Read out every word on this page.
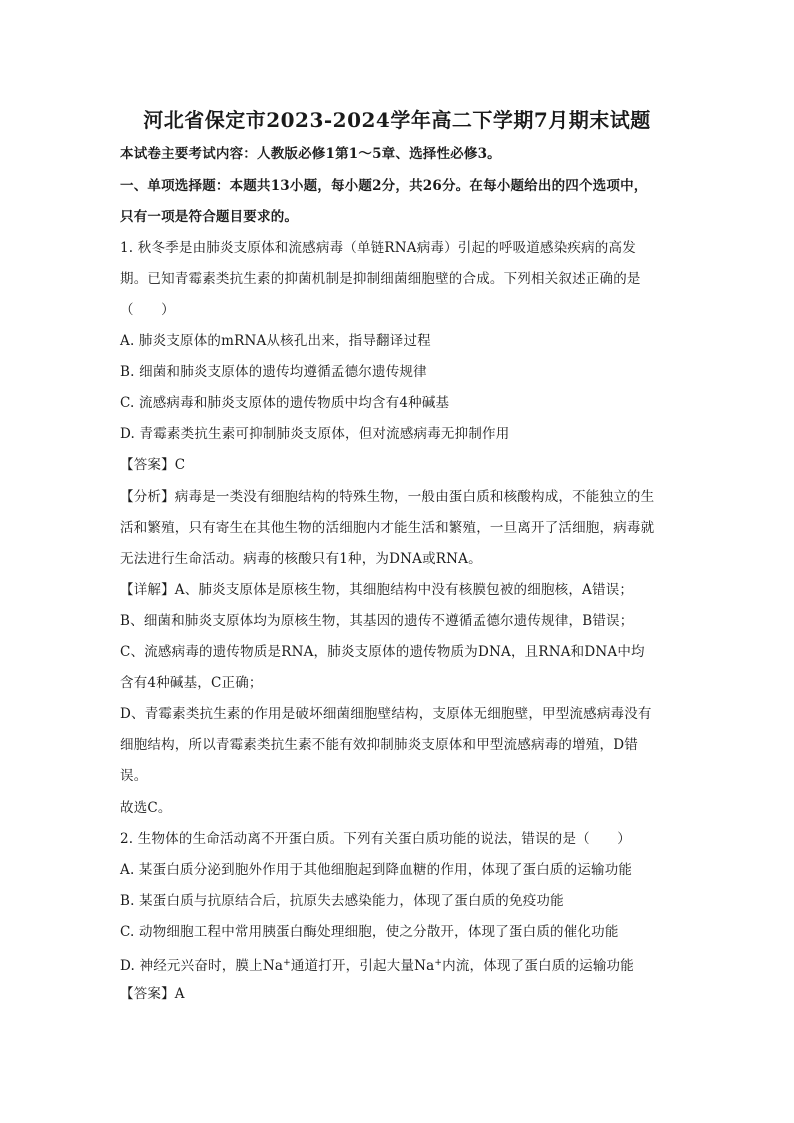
河北省保定市2023-2024学年高二下学期7月期末试题
本试卷主要考试内容：人教版必修1第1～5章、选择性必修3。
一、单项选择题：本题共13小题，每小题2分，共26分。在每小题给出的四个选项中，
只有一项是符合题目要求的。
1. 秋冬季是由肺炎支原体和流感病毒（单链RNA病毒）引起的呼吸道感染疾病的高发
期。已知青霉素类抗生素的抑菌机制是抑制细菌细胞壁的合成。下列相关叙述正确的是
（　　）
A. 肺炎支原体的mRNA从核孔出来，指导翻译过程
B. 细菌和肺炎支原体的遗传均遵循孟德尔遗传规律
C. 流感病毒和肺炎支原体的遗传物质中均含有4种碱基
D. 青霉素类抗生素可抑制肺炎支原体，但对流感病毒无抑制作用
【答案】C
【分析】病毒是一类没有细胞结构的特殊生物，一般由蛋白质和核酸构成，不能独立的生
活和繁殖，只有寄生在其他生物的活细胞内才能生活和繁殖，一旦离开了活细胞，病毒就
无法进行生命活动。病毒的核酸只有1种，为DNA或RNA。
【详解】A、肺炎支原体是原核生物，其细胞结构中没有核膜包被的细胞核，A错误；
B、细菌和肺炎支原体均为原核生物，其基因的遗传不遵循孟德尔遗传规律，B错误；
C、流感病毒的遗传物质是RNA，肺炎支原体的遗传物质为DNA，且RNA和DNA中均
含有4种碱基，C正确；
D、青霉素类抗生素的作用是破坏细菌细胞壁结构，支原体无细胞壁，甲型流感病毒没有
细胞结构，所以青霉素类抗生素不能有效抑制肺炎支原体和甲型流感病毒的增殖，D错
误。
故选C。
2. 生物体的生命活动离不开蛋白质。下列有关蛋白质功能的说法，错误的是（　　）
A. 某蛋白质分泌到胞外作用于其他细胞起到降血糖的作用，体现了蛋白质的运输功能
B. 某蛋白质与抗原结合后，抗原失去感染能力，体现了蛋白质的免疫功能
C. 动物细胞工程中常用胰蛋白酶处理细胞，使之分散开，体现了蛋白质的催化功能
D. 神经元兴奋时，膜上Na+通道打开，引起大量Na+内流，体现了蛋白质的运输功能
【答案】A
